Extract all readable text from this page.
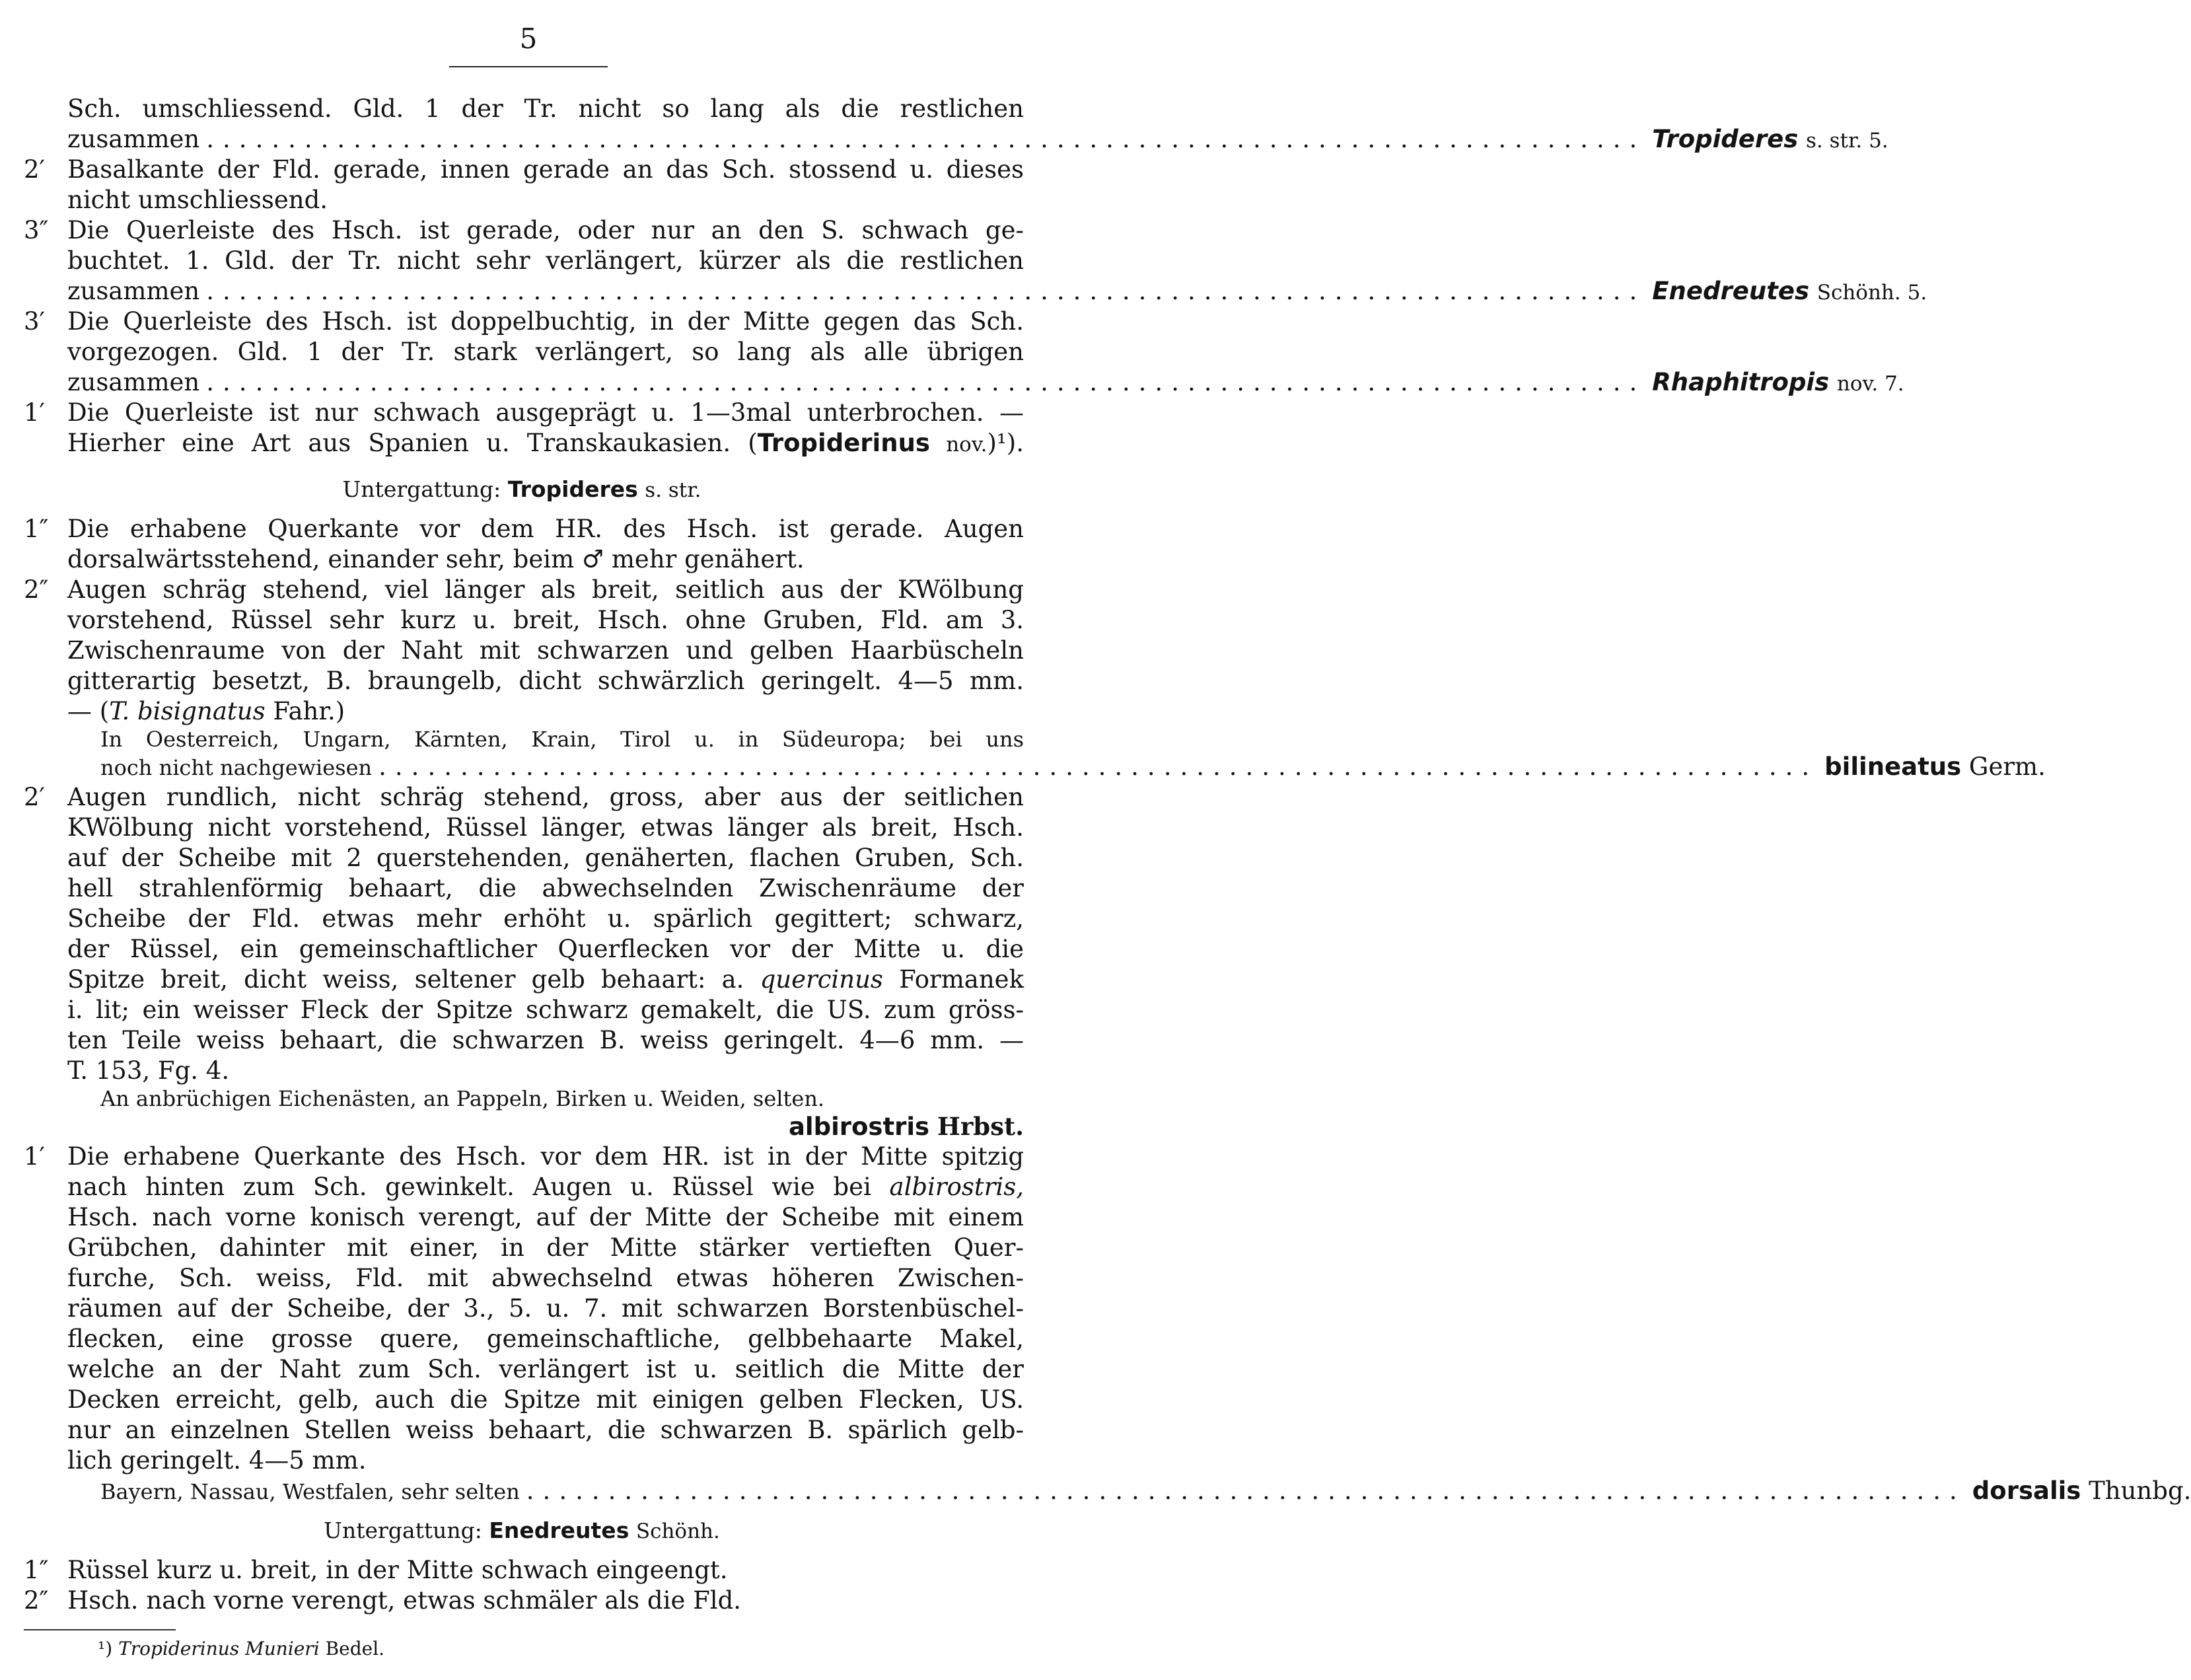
5
Sch. umschliessend. Gld. 1 der Tr. nicht so lang als die restlichen
zusammen ........................................................................................ Tropideres s. str. 5.
2′ Basalkante der Fld. gerade, innen gerade an das Sch. stossend u. dieses
nicht umschliessend.
3″ Die Querleiste des Hsch. ist gerade, oder nur an den S. schwach ge-
buchtet. 1. Gld. der Tr. nicht sehr verlängert, kürzer als die restlichen
zusammen ........................................................................................ Enedreutes Schönh. 5.
3′ Die Querleiste des Hsch. ist doppelbuchtig, in der Mitte gegen das Sch.
vorgezogen. Gld. 1 der Tr. stark verlängert, so lang als alle übrigen
zusammen ........................................................................................ Rhaphitropis nov. 7.
1′ Die Querleiste ist nur schwach ausgeprägt u. 1—3mal unterbrochen. —
Hierher eine Art aus Spanien u. Transkaukasien. (Tropiderinus nov.)¹).
Untergattung: Tropideres s. str.
1″ Die erhabene Querkante vor dem HR. des Hsch. ist gerade. Augen
dorsalwärtsstehend, einander sehr, beim ♂ mehr genähert.
2″ Augen schräg stehend, viel länger als breit, seitlich aus der KWölbung
vorstehend, Rüssel sehr kurz u. breit, Hsch. ohne Gruben, Fld. am 3.
Zwischenraume von der Naht mit schwarzen und gelben Haarbüscheln
gitterartig besetzt, B. braungelb, dicht schwärzlich geringelt. 4—5 mm.
— (T. bisignatus Fahr.)
In Oesterreich, Ungarn, Kärnten, Krain, Tirol u. in Südeuropa; bei uns
noch nicht nachgewiesen ........................................................................................ bilineatus Germ.
2′ Augen rundlich, nicht schräg stehend, gross, aber aus der seitlichen
KWölbung nicht vorstehend, Rüssel länger, etwas länger als breit, Hsch.
auf der Scheibe mit 2 querstehenden, genäherten, flachen Gruben, Sch.
hell strahlenförmig behaart, die abwechselnden Zwischenräume der
Scheibe der Fld. etwas mehr erhöht u. spärlich gegittert; schwarz,
der Rüssel, ein gemeinschaftlicher Querflecken vor der Mitte u. die
Spitze breit, dicht weiss, seltener gelb behaart: a. quercinus Formanek
i. lit; ein weisser Fleck der Spitze schwarz gemakelt, die US. zum gröss-
ten Teile weiss behaart, die schwarzen B. weiss geringelt. 4—6 mm. —
T. 153, Fg. 4.
An anbrüchigen Eichenästen, an Pappeln, Birken u. Weiden, selten.
albirostris Hrbst.
1′ Die erhabene Querkante des Hsch. vor dem HR. ist in der Mitte spitzig
nach hinten zum Sch. gewinkelt. Augen u. Rüssel wie bei albirostris,
Hsch. nach vorne konisch verengt, auf der Mitte der Scheibe mit einem
Grübchen, dahinter mit einer, in der Mitte stärker vertieften Quer-
furche, Sch. weiss, Fld. mit abwechselnd etwas höheren Zwischen-
räumen auf der Scheibe, der 3., 5. u. 7. mit schwarzen Borstenbüschel-
flecken, eine grosse quere, gemeinschaftliche, gelbbehaarte Makel,
welche an der Naht zum Sch. verlängert ist u. seitlich die Mitte der
Decken erreicht, gelb, auch die Spitze mit einigen gelben Flecken, US.
nur an einzelnen Stellen weiss behaart, die schwarzen B. spärlich gelb-
lich geringelt. 4—5 mm.
Bayern, Nassau, Westfalen, sehr selten ........................................................................................ dorsalis Thunbg.
Untergattung: Enedreutes Schönh.
1″ Rüssel kurz u. breit, in der Mitte schwach eingeengt.
2″ Hsch. nach vorne verengt, etwas schmäler als die Fld.
¹) Tropiderinus Munieri Bedel.
